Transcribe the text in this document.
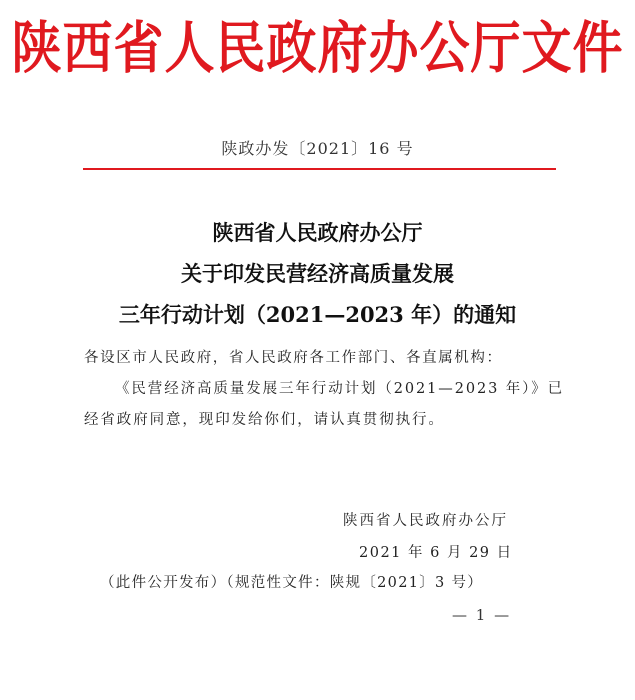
陕西省人民政府办公厅文件
陕政办发〔2021〕16 号
陕西省人民政府办公厅
关于印发民营经济高质量发展
三年行动计划（2021—2023 年）的通知
各设区市人民政府，省人民政府各工作部门、各直属机构：
《民营经济高质量发展三年行动计划（2021—2023 年）》已
经省政府同意，现印发给你们，请认真贯彻执行。
陕西省人民政府办公厅
2021 年 6 月 29 日
（此件公开发布）（规范性文件：陕规〔2021〕3 号）
— 1 —
